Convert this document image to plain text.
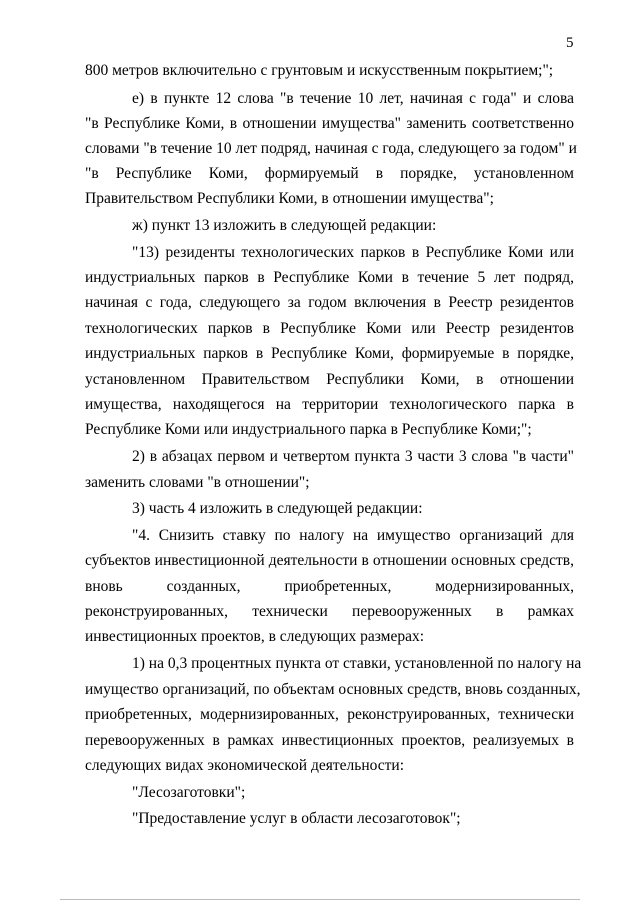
5
800 метров включительно с грунтовым и искусственным покрытием;";
е) в пункте 12 слова "в течение 10 лет, начиная с года" и слова
"в Республике Коми, в отношении имущества" заменить соответственно
словами "в течение 10 лет подряд, начиная с года, следующего за годом" и
"в Республике Коми, формируемый в порядке, установленном
Правительством Республики Коми, в отношении имущества";
ж) пункт 13 изложить в следующей редакции:
"13) резиденты технологических парков в Республике Коми или
индустриальных парков в Республике Коми в течение 5 лет подряд,
начиная с года, следующего за годом включения в Реестр резидентов
технологических парков в Республике Коми или Реестр резидентов
индустриальных парков в Республике Коми, формируемые в порядке,
установленном Правительством Республики Коми, в отношении
имущества, находящегося на территории технологического парка в
Республике Коми или индустриального парка в Республике Коми;";
2) в абзацах первом и четвертом пункта 3 части 3 слова "в части"
заменить словами "в отношении";
3) часть 4 изложить в следующей редакции:
"4. Снизить ставку по налогу на имущество организаций для
субъектов инвестиционной деятельности в отношении основных средств,
вновь созданных, приобретенных, модернизированных,
реконструированных, технически перевооруженных в рамках
инвестиционных проектов, в следующих размерах:
1) на 0,3 процентных пункта от ставки, установленной по налогу на
имущество организаций, по объектам основных средств, вновь созданных,
приобретенных, модернизированных, реконструированных, технически
перевооруженных в рамках инвестиционных проектов, реализуемых в
следующих видах экономической деятельности:
"Лесозаготовки";
"Предоставление услуг в области лесозаготовок";
